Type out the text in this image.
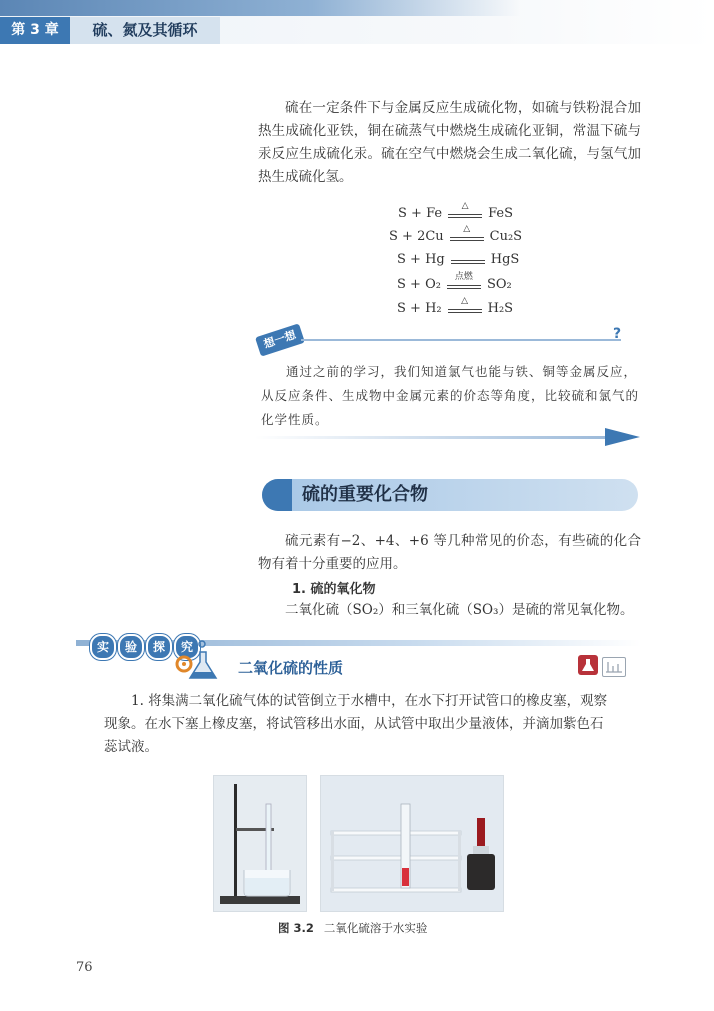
第 3 章	硫、氮及其循环

硫在一定条件下与金属反应生成硫化物，如硫与铁粉混合加热生成硫化亚铁，铜在硫蒸气中燃烧生成硫化亚铜，常温下硫与汞反应生成硫化汞。硫在空气中燃烧会生成二氧化硫，与氢气加热生成硫化氢。

S + Fe	△	FeS
S + 2Cu	△	Cu₂S
S + Hg	HgS
S + O₂	点燃	SO₂
S + H₂	△	H₂S
想一想	?

通过之前的学习，我们知道氯气也能与铁、铜等金属反应，从反应条件、生成物中金属元素的价态等角度，比较硫和氯气的化学性质。

硫的重要化合物

硫元素有−2、+4、+6 等几种常见的价态，有些硫的化合物有着十分重要的应用。

1. 硫的氧化物

二氧化硫（SO₂）和三氧化硫（SO₃）是硫的常见氧化物。

实	验	探	究
二氧化硫的性质

1. 将集满二氧化硫气体的试管倒立于水槽中，在水下打开试管口的橡皮塞，观察现象。在水下塞上橡皮塞，将试管移出水面，从试管中取出少量液体，并滴加紫色石蕊试液。

图 3.2 二氧化硫溶于水实验
76
